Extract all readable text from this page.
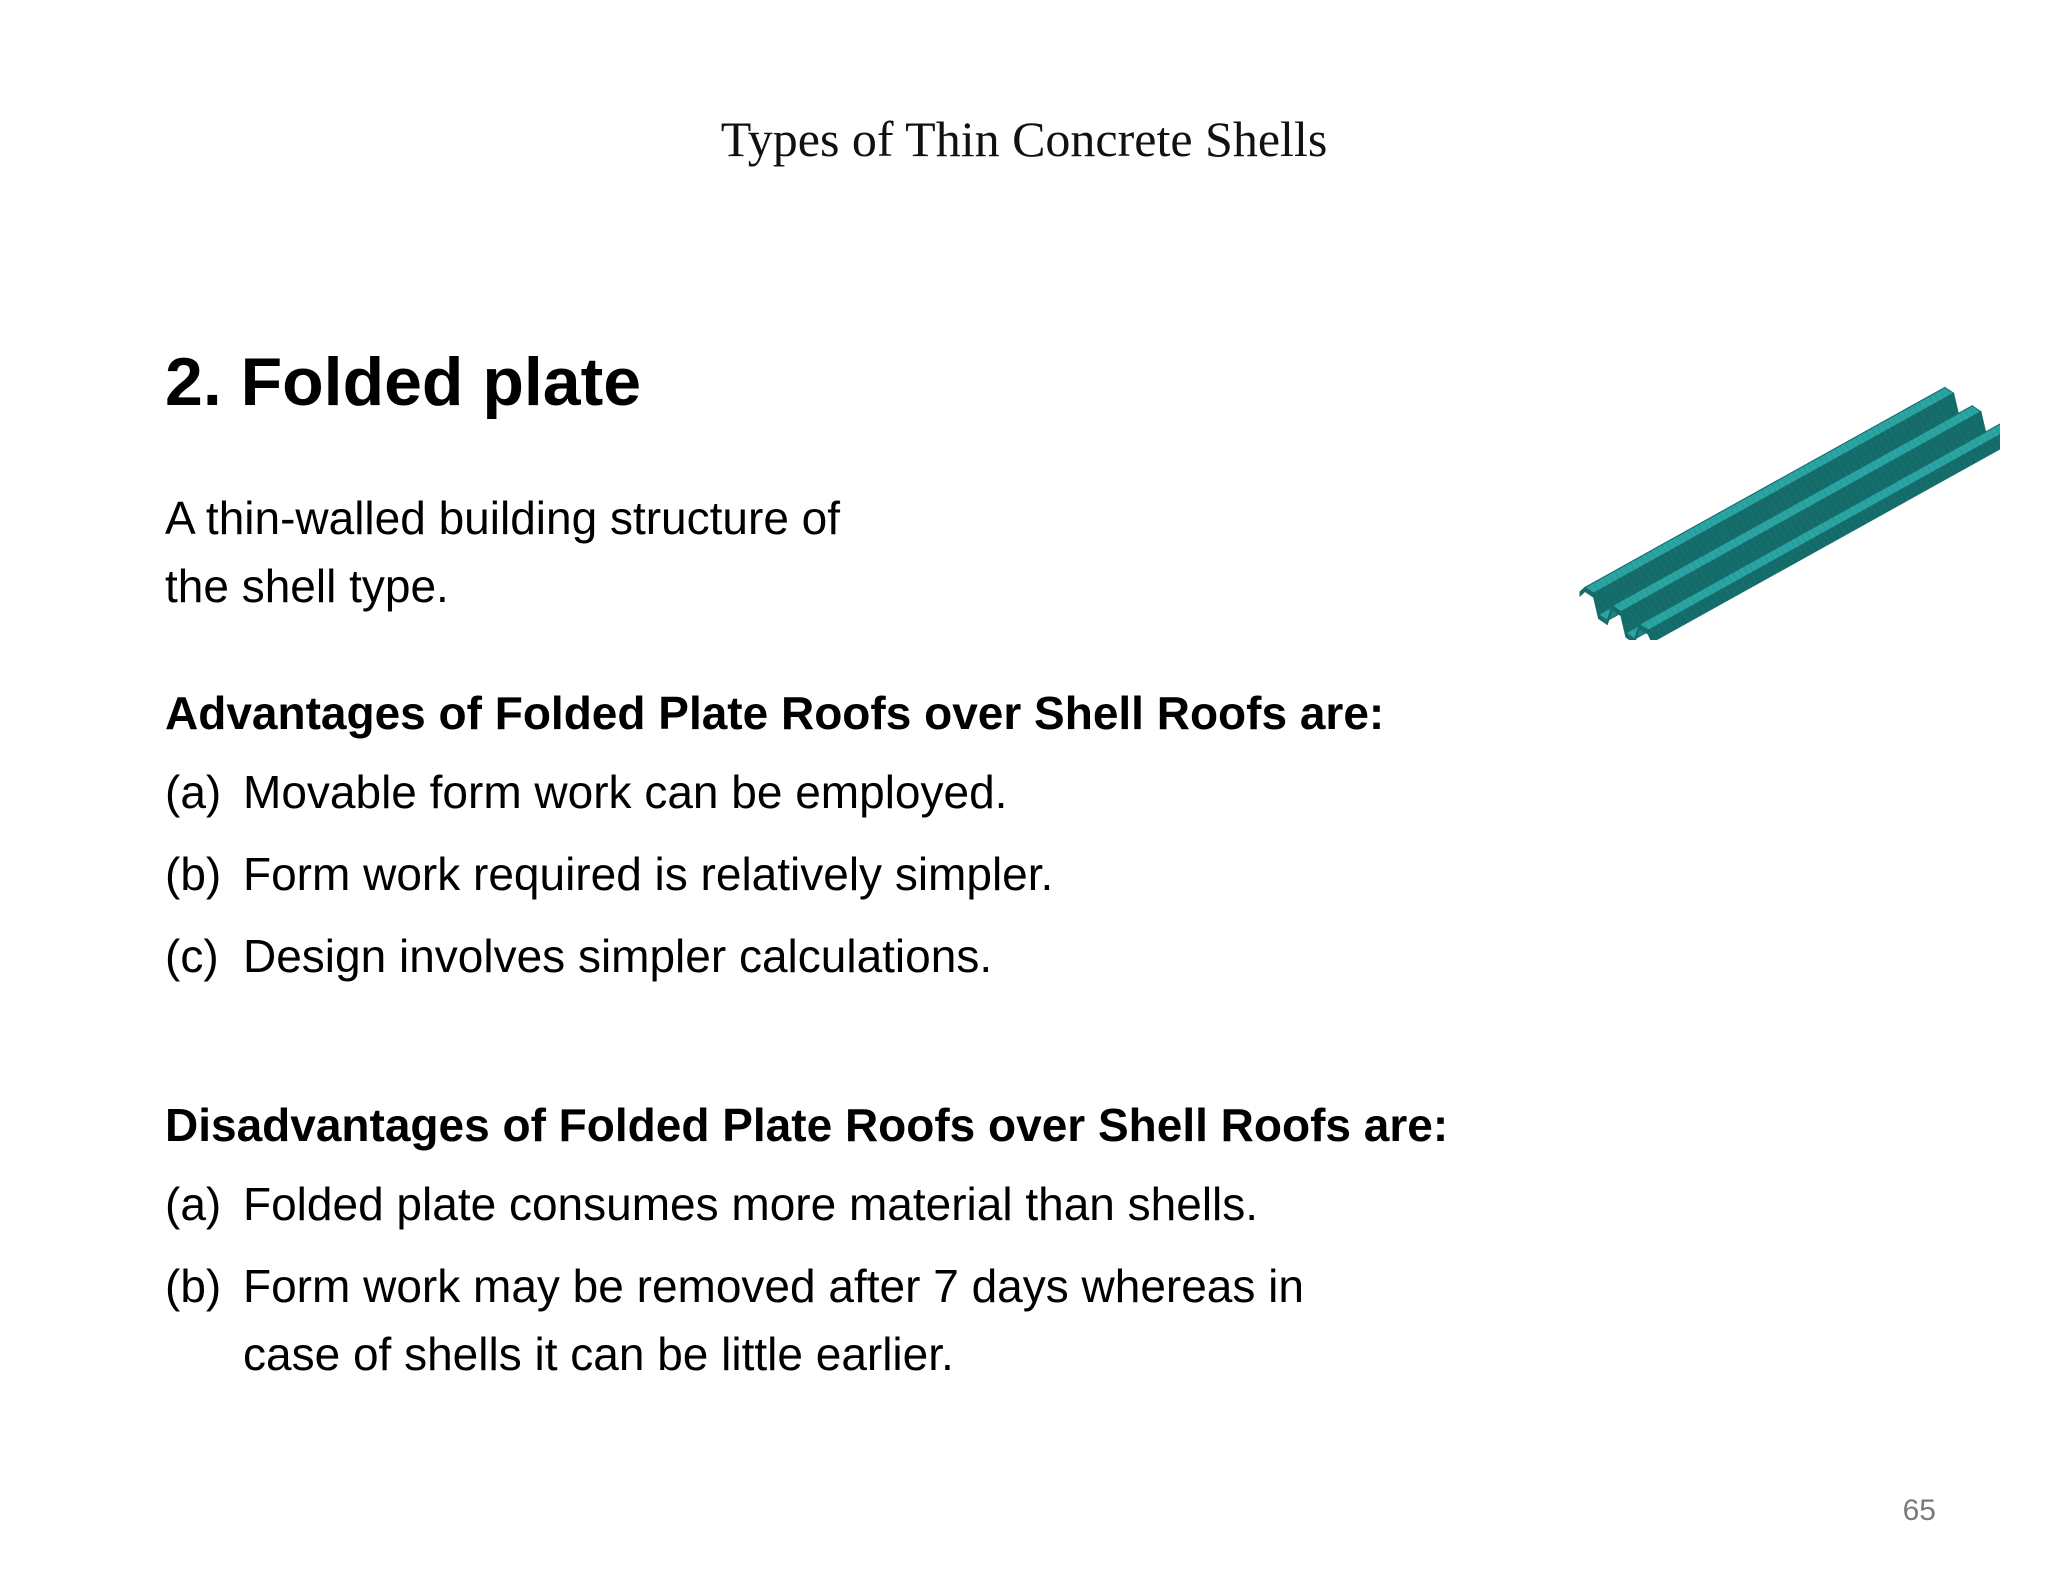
Types of Thin Concrete Shells
2. Folded plate

A thin-walled building structure of
the shell type.

Advantages of Folded Plate Roofs over Shell Roofs are:
(a) Movable form work can be employed.
(b) Form work required is relatively simpler.
(c) Design involves simpler calculations.
Disadvantages of Folded Plate Roofs over Shell Roofs are:
(a) Folded plate consumes more material than shells.
(b) Form work may be removed after 7 days whereas in
case of shells it can be little earlier.
65
